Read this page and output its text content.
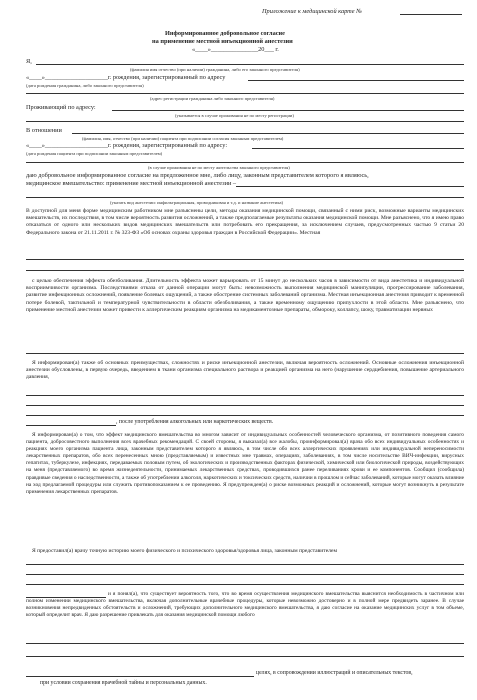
Приложение к медицинской карте №
Информированное добровольное согласие
на применение местной инъекционной анестезии
«____»_______________20___ г.
Я,
(фамилия имя отчество (при наличии) гражданина, либо его законного представителя)
«____»____________________г. рождения, зарегистрированный по адресу
(дата рождения гражданина, либо законного представителя)
(адрес регистрации гражданина либо законного представителя)
Проживающий по адресу:
(указывается в случае проживания не по месту регистрации)
В отношении
(фамилия, имя, отчество (при наличии) пациента при подписании согласия законным представителем)
«____»____________________г. рождения, зарегистрированный по адресу:
(дата рождения пациента при подписании законным представителем)
(в случае проживания не по месту жительства законного представителя)
даю добровольное информированное согласие на предложенное мне, либо лицу, законным представителем которого я являюсь,
медицинское вмешательство: применение местной инъекционной анестезии –
(указать вид анестезии: инфильтрационная, проводниковая и т.д. и название анестетика)
В доступной для меня форме медицинским работником мне разъяснены цели, методы оказания медицинской помощи, связанный с ними риск, возможные варианты медицинских вмешательств, их последствия, в том числе вероятность развития осложнений, а также предполагаемые результаты оказания медицинской помощи. Мне разъяснено, что я имею право отказаться от одного или нескольких видов медицинских вмешательств или потребовать его прекращения, за исключением случаев, предусмотренных частью 9 статьи 20 Федерального закона от 21.11.2011 г. № 323-ФЗ «Об основах охраны здоровья граждан в Российской Федерации». Местная
с целью обеспечения эффекта обезболивания. Длительность эффекта может варьировать от 15 минут до нескольких часов в зависимости от вида анестетика и индивидуальной восприимчивости организма. Последствиями отказа от данной операции могут быть: невозможность выполнения медицинской манипуляции, прогрессирование заболевания, развитие инфекционных осложнений, появление болевых ощущений, а также обострение системных заболеваний организма. Местная инъекционная анестезия приводит к временной потере болевой, тактильной и температурной чувствительности в области обезболивания, а также временному ощущению припухлости в этой области. Мне разъяснено, что применение местной анестезии может привести к аллергическим реакциям организма на медикаментозные препараты, обмороку, коллапсу, шоку, травматизации нервных
Я информирован(а) также об основных преимуществах, сложностях и риске инъекционной анестезии, включая вероятность осложнений. Основные осложнения инъекционной анестезии обусловлены, в первую очередь, введением в ткани организма специального раствора и реакцией организма на него (нарушение сердцебиения, повышение артериального давления,
, после употребления алкогольных или наркотических веществ.
Я информирован(а) о том, что эффект медицинского вмешательства во многом зависит от индивидуальных особенностей человеческого организма, от позитивного поведения самого пациента, добросовестного выполнения всех врачебных рекомендаций. С своей стороны, я выказал(а) все жалобы, проинформировал(а) врача обо всех индивидуальных особенностях и реакциях моего организма пациента лица, законным представителем которого я являюсь, в том числе обо всех аллергических проявлениях или индивидуальной непереносимости лекарственных препаратов, обо всех перенесенных мною (представляемым) и известных мне травмах, операциях, заболеваниях, в том числе носительстве ВИЧ-инфекции, вирусных гепатитах, туберкулезе, инфекциях, передаваемых половым путем, об экологических и производственных факторах физической, химической или биологической природы, воздействующих на меня (представляемого) во время жизнедеятельности, принимаемых лекарственных средствах, проводившихся ранее переливаниях крови и ее компонентов. Сообщил (сообщила) правдивые сведения о наследственности, а также об употреблении алкоголя, наркотических и токсических средств, наличии в прошлом и сейчас заболеваний, которые могут оказать влияние на ход предлагаемой процедуры или служить противопоказанием к ее проведению. Я предупрежден(а) о риске возможных реакций и осложнений, которые могут возникнуть в результате применения лекарственных препаратов.
Я предоставил(а) врачу точную историю моего физического и психического здоровья/здоровья лица, законным представителем
и я понял(а), что существует вероятность того, что во время осуществления медицинского вмешательства выяснится необходимость в частичном или полном изменении медицинского вмешательства, включая дополнительные врачебные процедуры, которые невозможно достоверно и в полной мере предвидеть заранее. В случае возникновения непредвиденных обстоятельств и осложнений, требующих дополнительного медицинского вмешательства, я даю согласие на оказание медицинских услуг в том объеме, который определит врач. Я даю разрешение привлекать для оказания медицинской помощи любого
целях, в сопровождении иллюстраций и описательных текстов,
при условии сохранения врачебной тайны и персональных данных.
